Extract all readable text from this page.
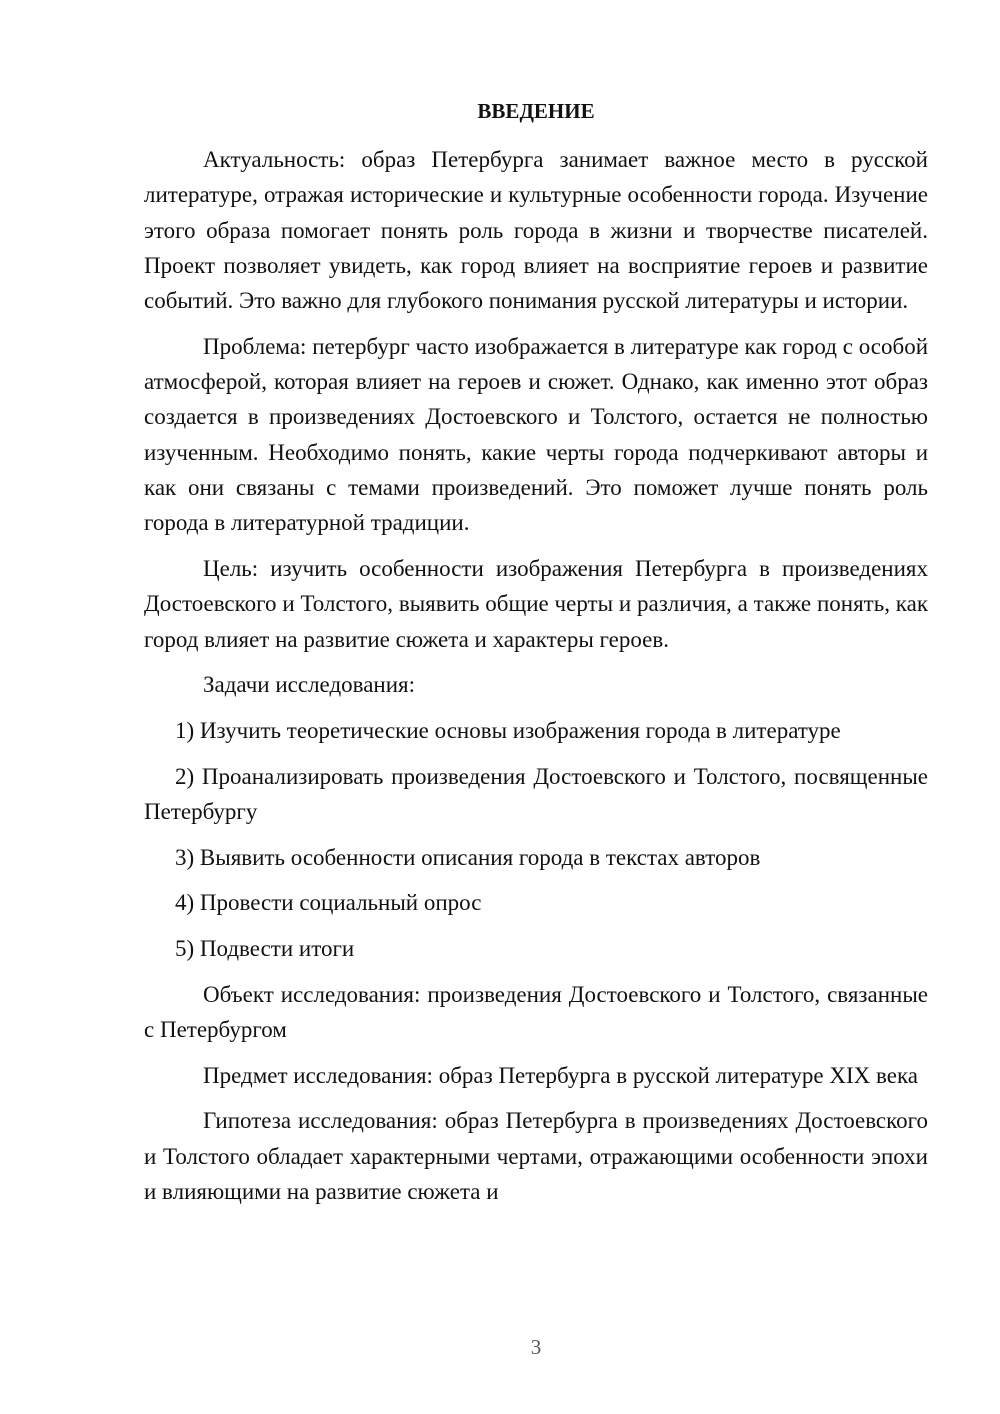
ВВЕДЕНИЕ

Актуальность: образ Петербурга занимает важное место в русской литературе, отражая исторические и культурные особенности города. Изучение этого образа помогает понять роль города в жизни и творчестве писателей. Проект позволяет увидеть, как город влияет на восприятие героев и развитие событий. Это важно для глубокого понимания русской литературы и истории.

Проблема: петербург часто изображается в литературе как город с особой атмосферой, которая влияет на героев и сюжет. Однако, как именно этот образ создается в произведениях Достоевского и Толстого, остается не полностью изученным. Необходимо понять, какие черты города подчеркивают авторы и как они связаны с темами произведений. Это поможет лучше понять роль города в литературной традиции.

Цель: изучить особенности изображения Петербурга в произведениях Достоевского и Толстого, выявить общие черты и различия, а также понять, как город влияет на развитие сюжета и характеры героев.

Задачи исследования:

1) Изучить теоретические основы изображения города в литературе

2) Проанализировать произведения Достоевского и Толстого, посвященные Петербургу

3) Выявить особенности описания города в текстах авторов

4) Провести социальный опрос

5) Подвести итоги

Объект исследования: произведения Достоевского и Толстого, связанные с Петербургом

Предмет исследования: образ Петербурга в русской литературе XIX века

Гипотеза исследования: образ Петербурга в произведениях Достоевского и Толстого обладает характерными чертами, отражающими особенности эпохи и влияющими на развитие сюжета и

3
